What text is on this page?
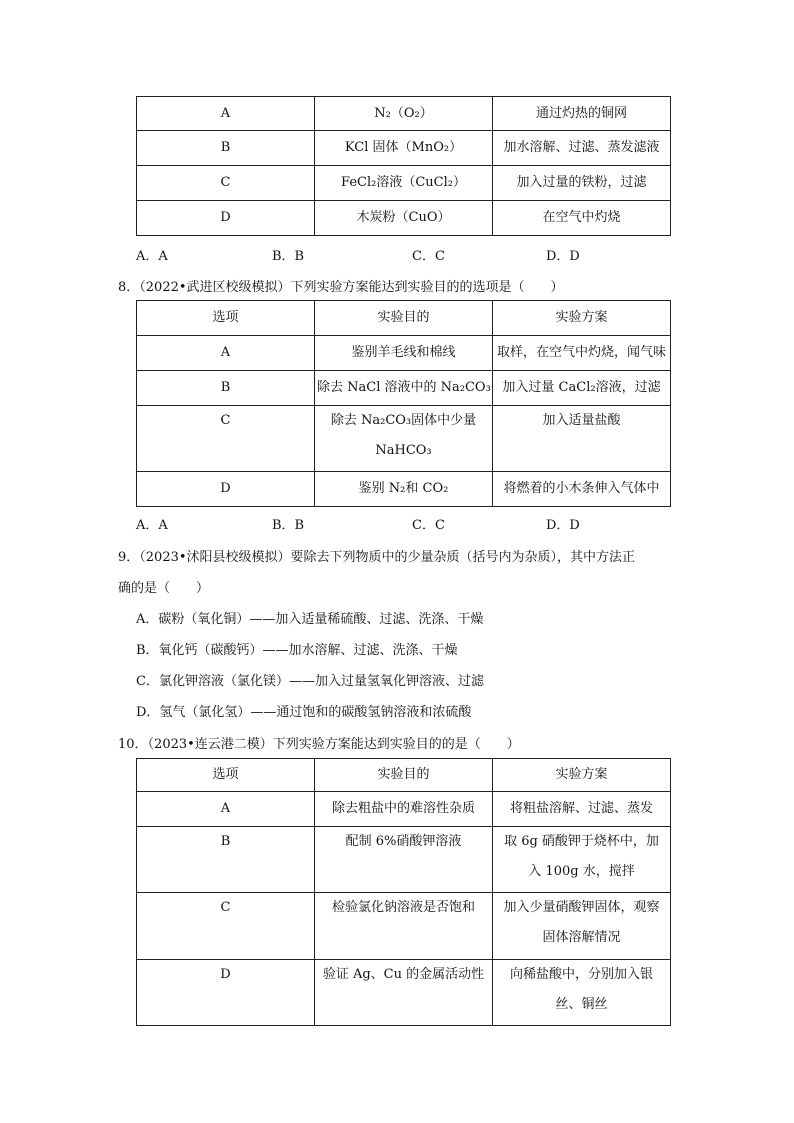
A	N₂（O₂）	通过灼热的铜网
B	KCl 固体（MnO₂）	加水溶解、过滤、蒸发滤液
C	FeCl₂溶液（CuCl₂）	加入过量的铁粉，过滤
D	木炭粉（CuO）	在空气中灼烧
A．A	B．B	C．C	D．D
8．（2022•武进区校级模拟）下列实验方案能达到实验目的的选项是（　　）
选项	实验目的	实验方案
A	鉴别羊毛线和棉线	取样，在空气中灼烧，闻气味
B	除去 NaCl 溶液中的 Na₂CO₃	加入过量 CaCl₂溶液，过滤
C	除去 Na₂CO₃固体中少量 NaHCO₃	加入适量盐酸
D	鉴别 N₂和 CO₂	将燃着的小木条伸入气体中
A．A	B．B	C．C	D．D
9．（2023•沭阳县校级模拟）要除去下列物质中的少量杂质（括号内为杂质），其中方法正
确的是（　　）
A．碳粉（氧化铜）——加入适量稀硫酸、过滤、洗涤、干燥
B．氧化钙（碳酸钙）——加水溶解、过滤、洗涤、干燥
C．氯化钾溶液（氯化镁）——加入过量氢氧化钾溶液、过滤
D．氢气（氯化氢）——通过饱和的碳酸氢钠溶液和浓硫酸
10．（2023•连云港二模）下列实验方案能达到实验目的的是（　　）
选项	实验目的	实验方案
A	除去粗盐中的难溶性杂质	将粗盐溶解、过滤、蒸发
B	配制 6%硝酸钾溶液	取 6g 硝酸钾于烧杯中，加入 100g 水，搅拌
C	检验氯化钠溶液是否饱和	加入少量硝酸钾固体，观察固体溶解情况
D	验证 Ag、Cu 的金属活动性	向稀盐酸中，分别加入银丝、铜丝
